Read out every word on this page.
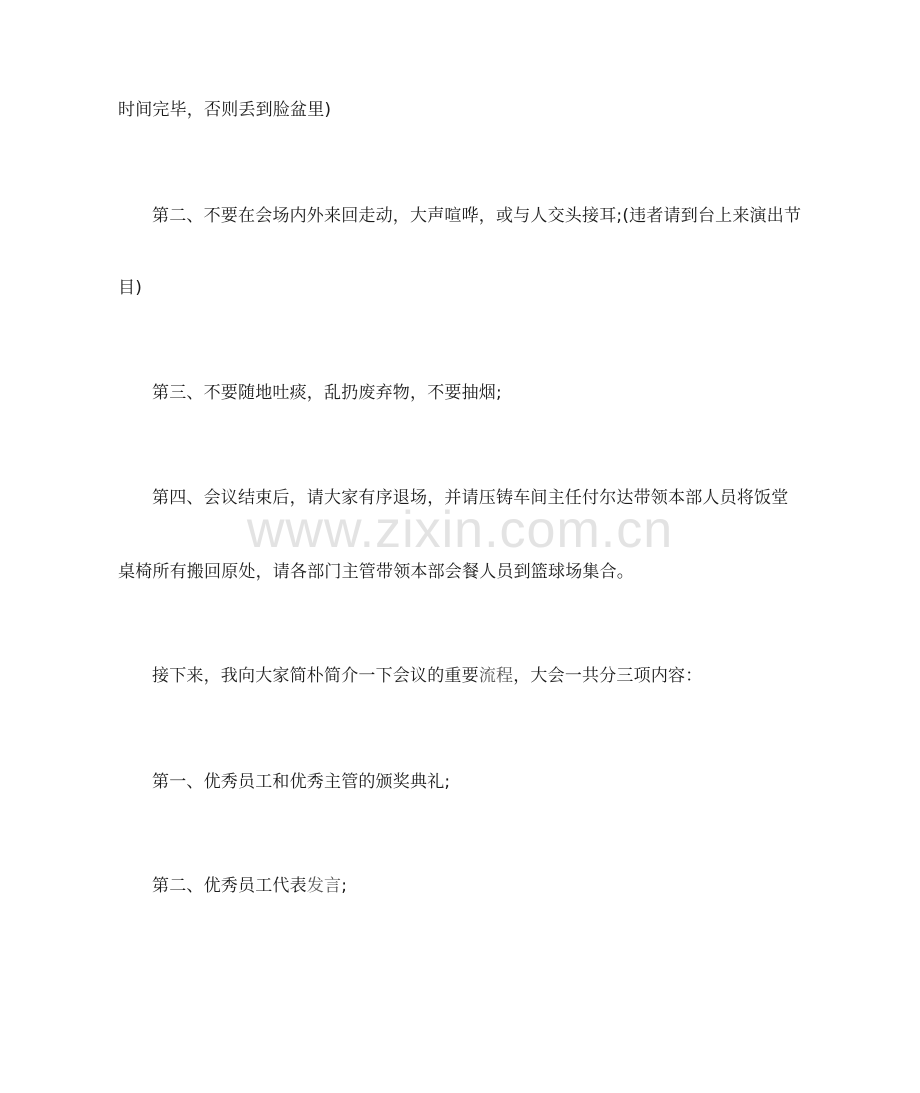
www.zixin.com.cn
时间完毕，否则丢到脸盆里)
第二、不要在会场内外来回走动，大声喧哗，或与人交头接耳;(违者请到台上来演出节
目)
第三、不要随地吐痰，乱扔废弃物，不要抽烟;
第四、会议结束后，请大家有序退场，并请压铸车间主任付尔达带领本部人员将饭堂
桌椅所有搬回原处，请各部门主管带领本部会餐人员到篮球场集合。
接下来，我向大家简朴简介一下会议的重要流程，大会一共分三项内容：
第一、优秀员工和优秀主管的颁奖典礼;
第二、优秀员工代表发言;
